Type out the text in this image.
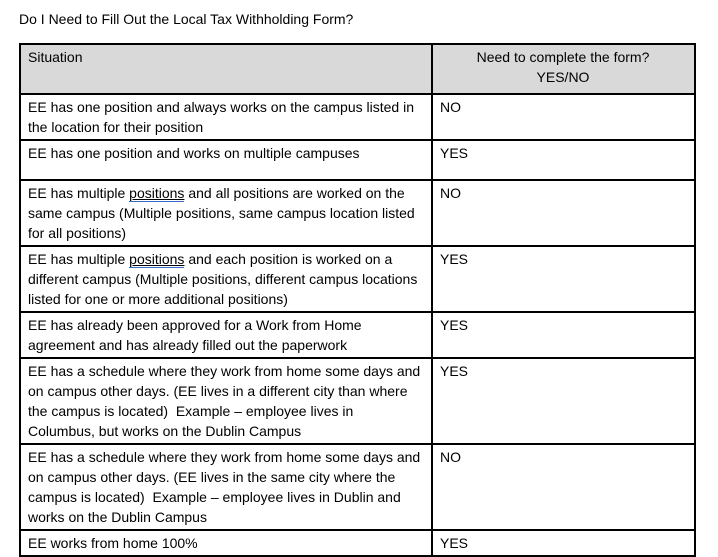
Do I Need to Fill Out the Local Tax Withholding Form?
Situation	Need to complete the form?
YES/NO

EE has one position and always works on the campus listed in the location for their position	NO
EE has one position and works on multiple campuses	YES
EE has multiple positions and all positions are worked on the same campus (Multiple positions, same campus location listed for all positions)	NO
EE has multiple positions and each position is worked on a different campus (Multiple positions, different campus locations listed for one or more additional positions)	YES
EE has already been approved for a Work from Home agreement and has already filled out the paperwork	YES
EE has a schedule where they work from home some days and on campus other days. (EE lives in a different city than where the campus is located)  Example – employee lives in Columbus, but works on the Dublin Campus	YES
EE has a schedule where they work from home some days and on campus other days. (EE lives in the same city where the campus is located)  Example – employee lives in Dublin and works on the Dublin Campus	NO
EE works from home 100%	YES
